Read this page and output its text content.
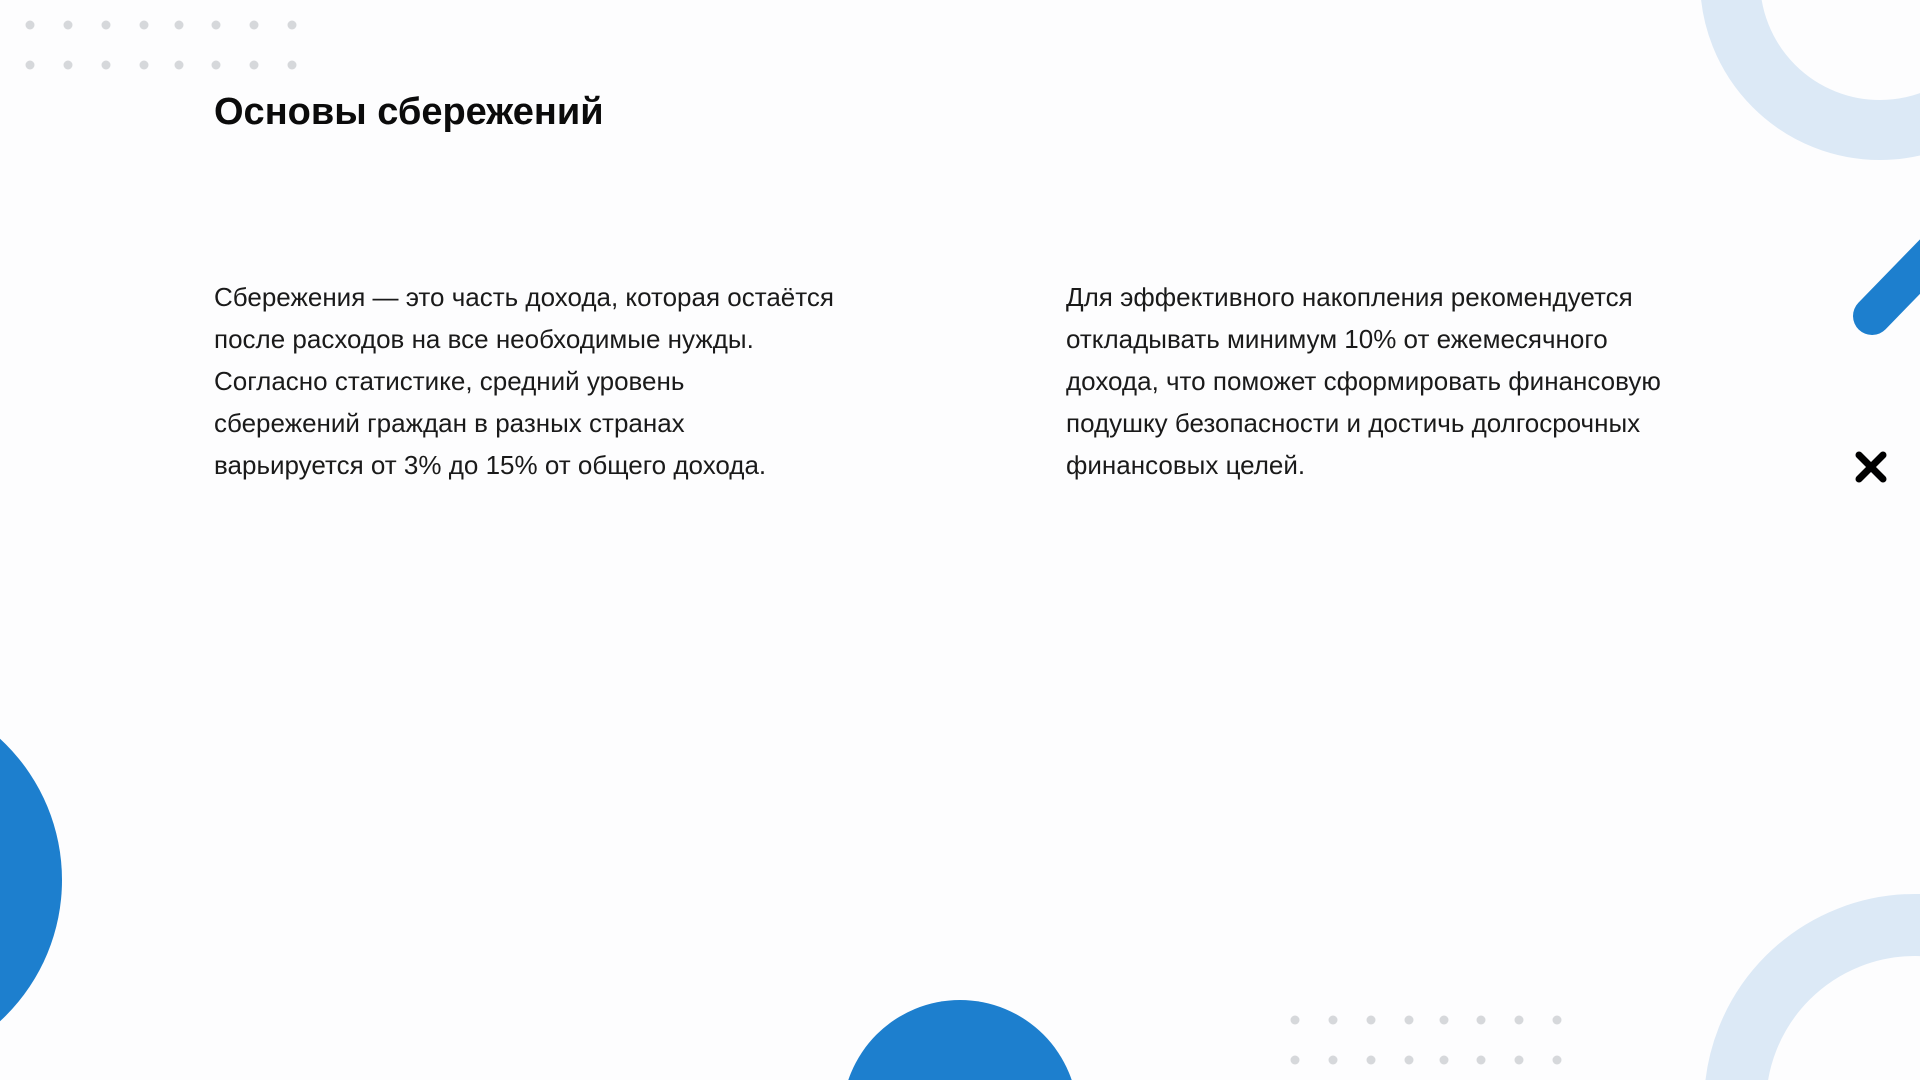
Основы сбережений

Сбережения — это часть дохода, которая остаётся после расходов на все необходимые нужды. Согласно статистике, средний уровень сбережений граждан в разных странах варьируется от 3% до 15% от общего дохода.

Для эффективного накопления рекомендуется откладывать минимум 10% от ежемесячного дохода, что поможет сформировать финансовую подушку безопасности и достичь долгосрочных финансовых целей.
